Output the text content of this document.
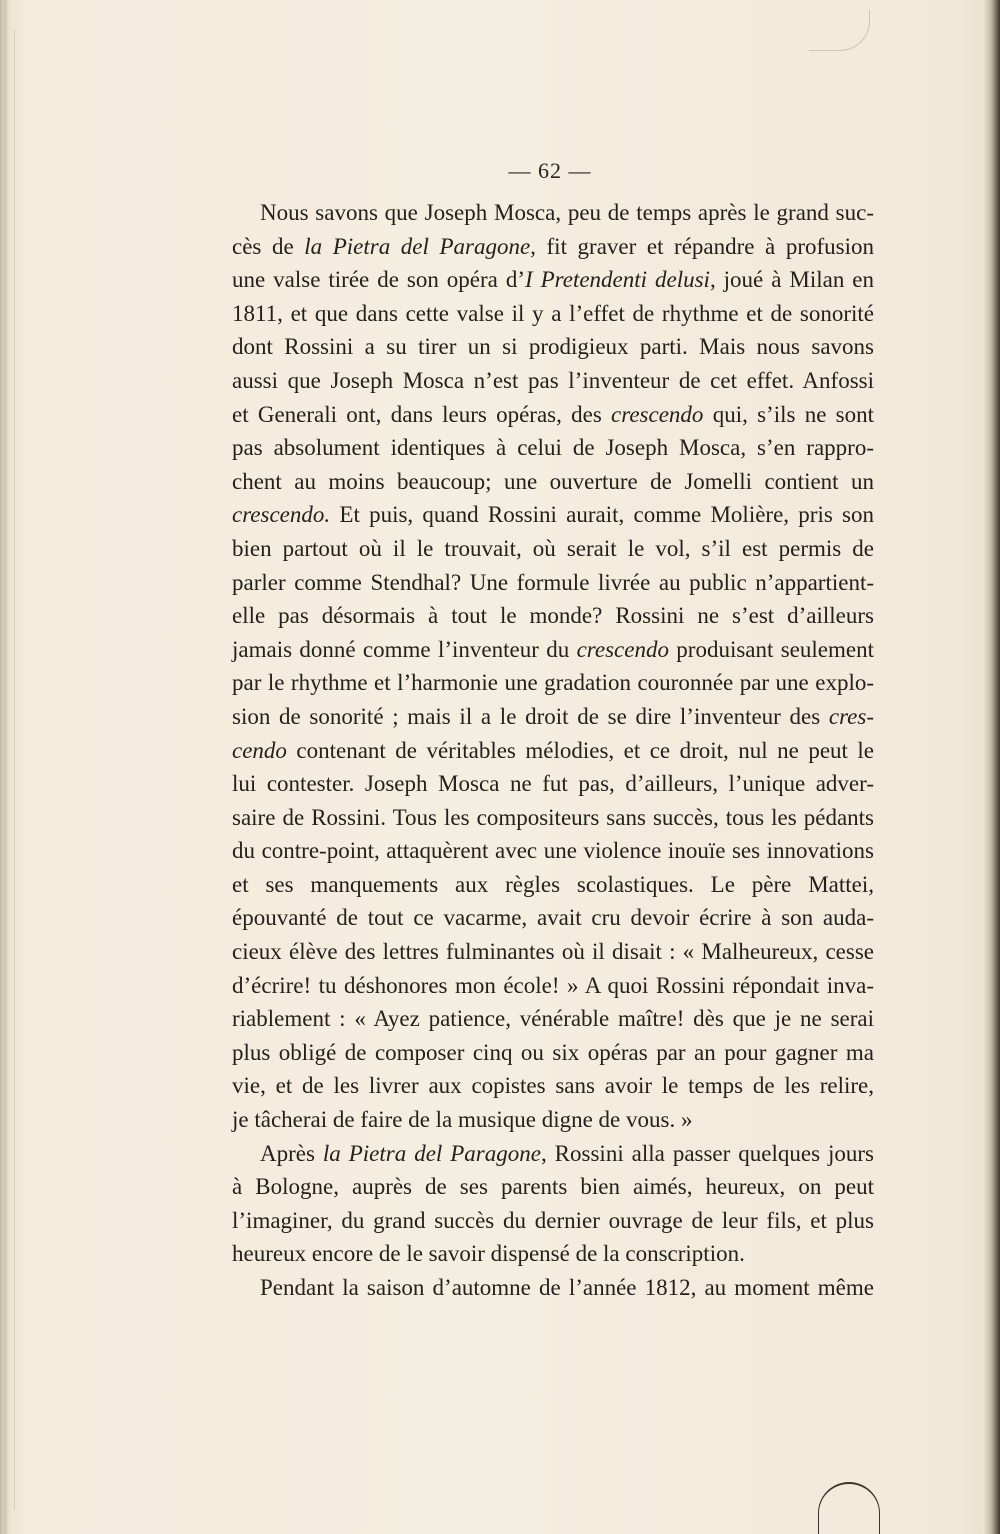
— 62 —
Nous savons que Joseph Mosca, peu de temps après le grand suc-
cès de la Pietra del Paragone, fit graver et répandre à profusion
une valse tirée de son opéra d’I Pretendenti delusi, joué à Milan en
1811, et que dans cette valse il y a l’effet de rhythme et de sonorité
dont Rossini a su tirer un si prodigieux parti. Mais nous savons
aussi que Joseph Mosca n’est pas l’inventeur de cet effet. Anfossi
et Generali ont, dans leurs opéras, des crescendo qui, s’ils ne sont
pas absolument identiques à celui de Joseph Mosca, s’en rappro-
chent au moins beaucoup; une ouverture de Jomelli contient un
crescendo. Et puis, quand Rossini aurait, comme Molière, pris son
bien partout où il le trouvait, où serait le vol, s’il est permis de
parler comme Stendhal? Une formule livrée au public n’appartient-
elle pas désormais à tout le monde? Rossini ne s’est d’ailleurs
jamais donné comme l’inventeur du crescendo produisant seulement
par le rhythme et l’harmonie une gradation couronnée par une explo-
sion de sonorité ; mais il a le droit de se dire l’inventeur des cres-
cendo contenant de véritables mélodies, et ce droit, nul ne peut le
lui contester. Joseph Mosca ne fut pas, d’ailleurs, l’unique adver-
saire de Rossini. Tous les compositeurs sans succès, tous les pédants
du contre-point, attaquèrent avec une violence inouïe ses innovations
et ses manquements aux règles scolastiques. Le père Mattei,
épouvanté de tout ce vacarme, avait cru devoir écrire à son auda-
cieux élève des lettres fulminantes où il disait : « Malheureux, cesse
d’écrire! tu déshonores mon école! » A quoi Rossini répondait inva-
riablement : « Ayez patience, vénérable maître! dès que je ne serai
plus obligé de composer cinq ou six opéras par an pour gagner ma
vie, et de les livrer aux copistes sans avoir le temps de les relire,
je tâcherai de faire de la musique digne de vous. »
Après la Pietra del Paragone, Rossini alla passer quelques jours
à Bologne, auprès de ses parents bien aimés, heureux, on peut
l’imaginer, du grand succès du dernier ouvrage de leur fils, et plus
heureux encore de le savoir dispensé de la conscription.
Pendant la saison d’automne de l’année 1812, au moment même
